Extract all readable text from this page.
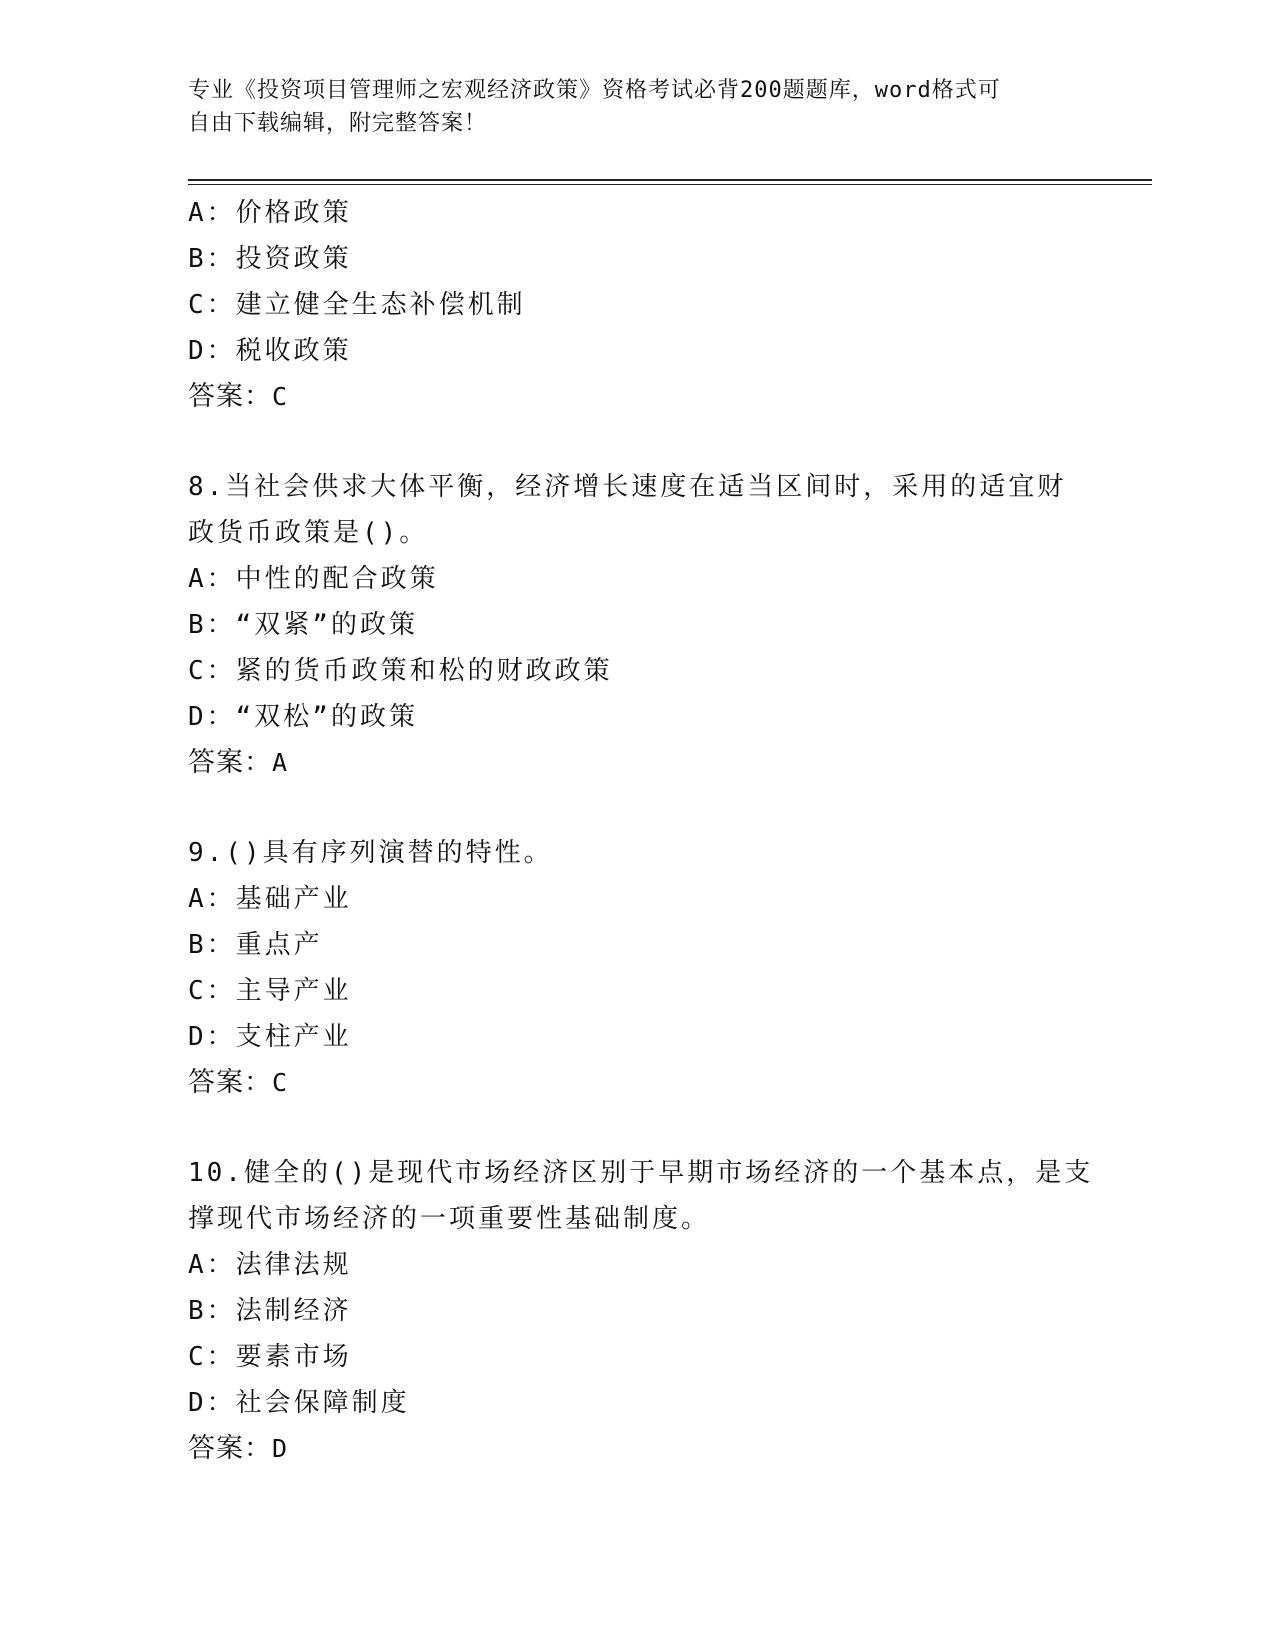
专业《投资项目管理师之宏观经济政策》资格考试必背200题题库，word格式可
自由下载编辑，附完整答案！
A：价格政策
B：投资政策
C：建立健全生态补偿机制
D：税收政策
答案：C
8.当社会供求大体平衡，经济增长速度在适当区间时，采用的适宜财
政货币政策是()。
A：中性的配合政策
B：“双紧”的政策
C：紧的货币政策和松的财政政策
D：“双松”的政策
答案：A
9.()具有序列演替的特性。
A：基础产业
B：重点产
C：主导产业
D：支柱产业
答案：C
10.健全的()是现代市场经济区别于早期市场经济的一个基本点，是支
撑现代市场经济的一项重要性基础制度。
A：法律法规
B：法制经济
C：要素市场
D：社会保障制度
答案：D
